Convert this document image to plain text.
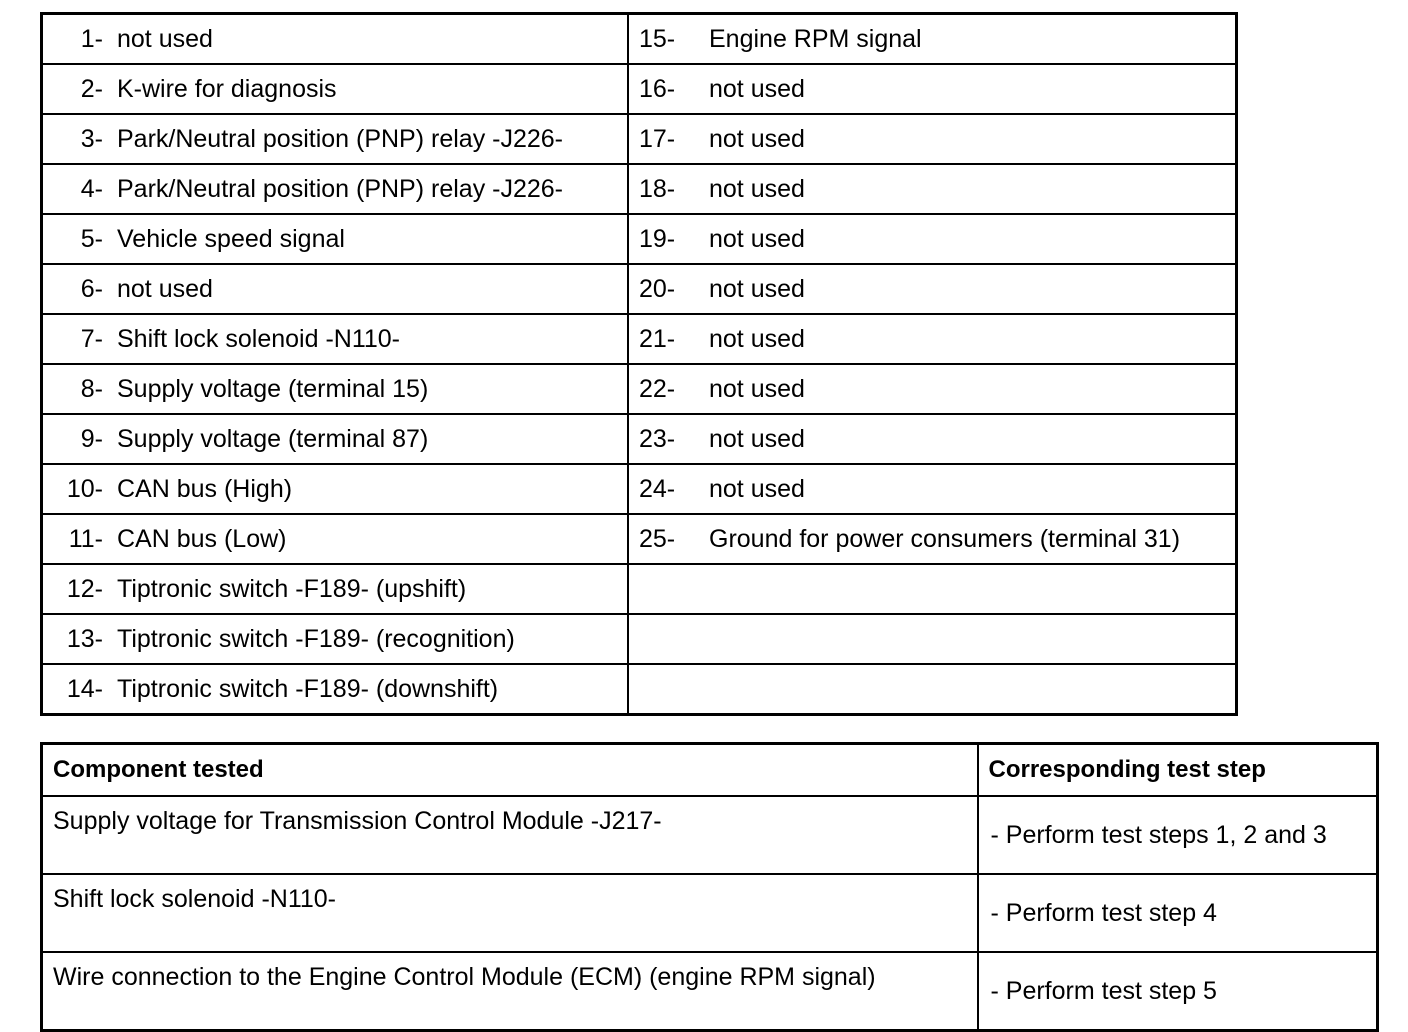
1-	not used	15-	Engine RPM signal
2-	K-wire for diagnosis	16-	not used
3-	Park/Neutral position (PNP) relay -J226-	17-	not used
4-	Park/Neutral position (PNP) relay -J226-	18-	not used
5-	Vehicle speed signal	19-	not used
6-	not used	20-	not used
7-	Shift lock solenoid -N110-	21-	not used
8-	Supply voltage (terminal 15)	22-	not used
9-	Supply voltage (terminal 87)	23-	not used
10-	CAN bus (High)	24-	not used
11-	CAN bus (Low)	25-	Ground for power consumers (terminal 31)
12-	Tiptronic switch -F189- (upshift)		
13-	Tiptronic switch -F189- (recognition)		
14-	Tiptronic switch -F189- (downshift)		
Component tested	Corresponding test step
Supply voltage for Transmission Control Module -J217-	- Perform test steps 1, 2 and 3
Shift lock solenoid -N110-	- Perform test step 4
Wire connection to the Engine Control Module (ECM) (engine RPM signal)	- Perform test step 5
